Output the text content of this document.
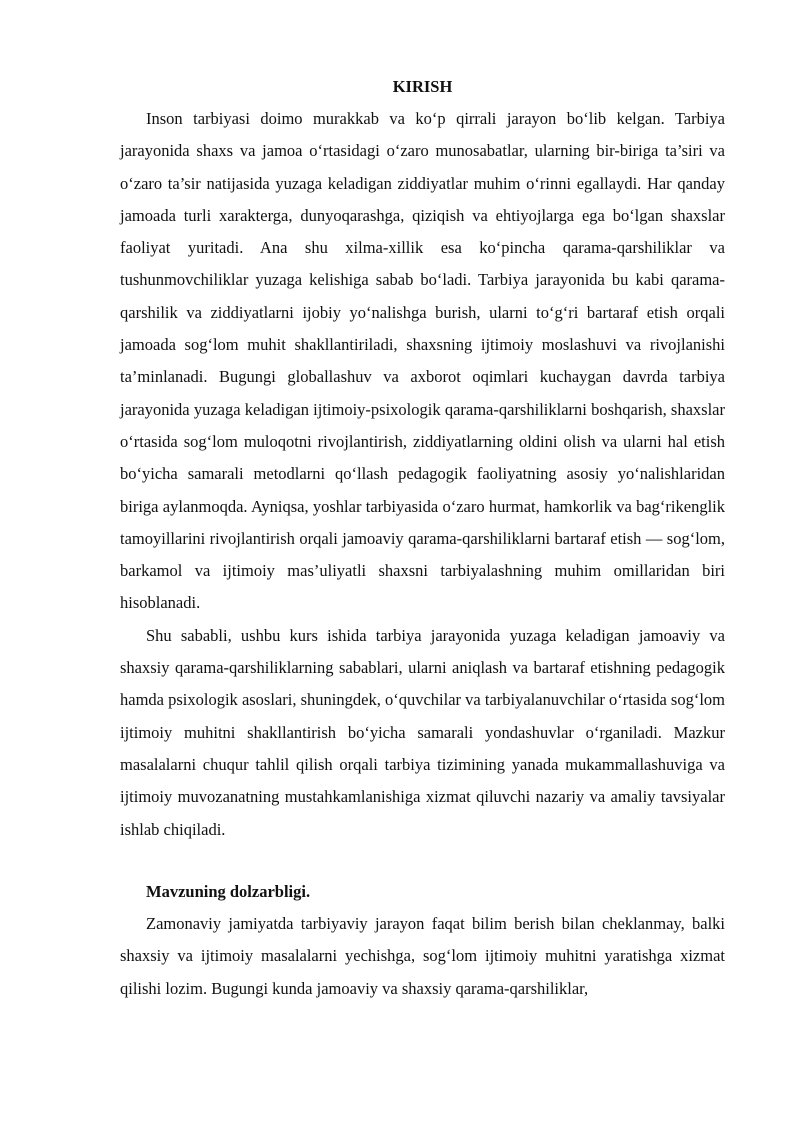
KIRISH

Inson tarbiyasi doimo murakkab va ko‘p qirrali jarayon bo‘lib kelgan. Tarbiya jarayonida shaxs va jamoa o‘rtasidagi o‘zaro munosabatlar, ularning bir-biriga ta’siri va o‘zaro ta’sir natijasida yuzaga keladigan ziddiyatlar muhim o‘rinni egallaydi. Har qanday jamoada turli xarakterga, dunyoqarashga, qiziqish va ehtiyojlarga ega bo‘lgan shaxslar faoliyat yuritadi. Ana shu xilma-xillik esa ko‘pincha qarama-qarshiliklar va tushunmovchiliklar yuzaga kelishiga sabab bo‘ladi. Tarbiya jarayonida bu kabi qarama-qarshilik va ziddiyatlarni ijobiy yo‘nalishga burish, ularni to‘g‘ri bartaraf etish orqali jamoada sog‘lom muhit shakllantiriladi, shaxsning ijtimoiy moslashuvi va rivojlanishi ta’minlanadi. Bugungi globallashuv va axborot oqimlari kuchaygan davrda tarbiya jarayonida yuzaga keladigan ijtimoiy-psixologik qarama-qarshiliklarni boshqarish, shaxslar o‘rtasida sog‘lom muloqotni rivojlantirish, ziddiyatlarning oldini olish va ularni hal etish bo‘yicha samarali metodlarni qo‘llash pedagogik faoliyatning asosiy yo‘nalishlaridan biriga aylanmoqda. Ayniqsa, yoshlar tarbiyasida o‘zaro hurmat, hamkorlik va bag‘rikenglik tamoyillarini rivojlantirish orqali jamoaviy qarama-qarshiliklarni bartaraf etish — sog‘lom, barkamol va ijtimoiy mas’uliyatli shaxsni tarbiyalashning muhim omillaridan biri hisoblanadi.

Shu sababli, ushbu kurs ishida tarbiya jarayonida yuzaga keladigan jamoaviy va shaxsiy qarama-qarshiliklarning sabablari, ularni aniqlash va bartaraf etishning pedagogik hamda psixologik asoslari, shuningdek, o‘quvchilar va tarbiyalanuvchilar o‘rtasida sog‘lom ijtimoiy muhitni shakllantirish bo‘yicha samarali yondashuvlar o‘rganiladi. Mazkur masalalarni chuqur tahlil qilish orqali tarbiya tizimining yanada mukammallashuviga va ijtimoiy muvozanatning mustahkamlanishiga xizmat qiluvchi nazariy va amaliy tavsiyalar ishlab chiqiladi.

Mavzuning dolzarbligi.

Zamonaviy jamiyatda tarbiyaviy jarayon faqat bilim berish bilan cheklanmay, balki shaxsiy va ijtimoiy masalalarni yechishga, sog‘lom ijtimoiy muhitni yaratishga xizmat qilishi lozim. Bugungi kunda jamoaviy va shaxsiy qarama-qarshiliklar,
